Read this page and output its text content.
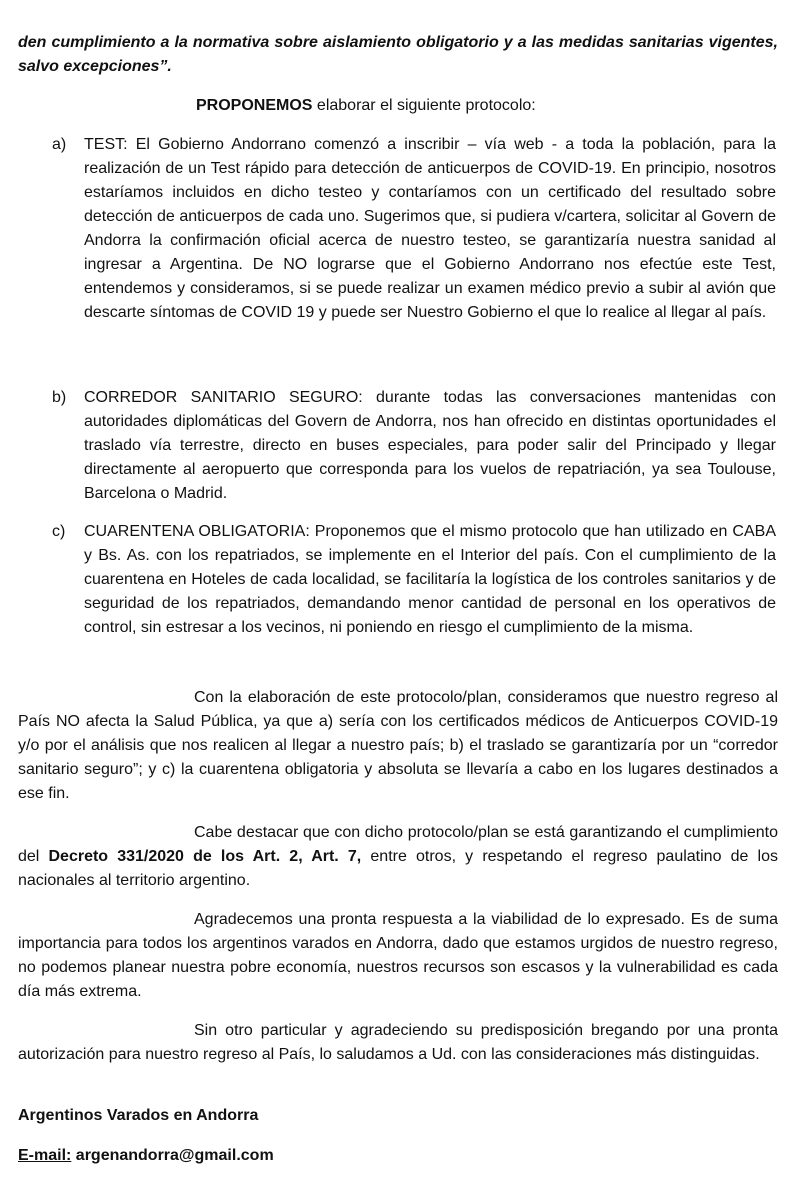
den cumplimiento a la normativa sobre aislamiento obligatorio y a las medidas sanitarias vigentes, salvo excepciones”.

PROPONEMOS elaborar el siguiente protocolo:

a) TEST: El Gobierno Andorrano comenzó a inscribir – vía web - a toda la población, para la realización de un Test rápido para detección de anticuerpos de COVID-19. En principio, nosotros estaríamos incluidos en dicho testeo y contaríamos con un certificado del resultado sobre detección de anticuerpos de cada uno. Sugerimos que, si pudiera v/cartera, solicitar al Govern de Andorra la confirmación oficial acerca de nuestro testeo, se garantizaría nuestra sanidad al ingresar a Argentina. De NO lograrse que el Gobierno Andorrano nos efectúe este Test, entendemos y consideramos, si se puede realizar un examen médico previo a subir al avión que descarte síntomas de COVID 19 y puede ser Nuestro Gobierno el que lo realice al llegar al país.

b) CORREDOR SANITARIO SEGURO: durante todas las conversaciones mantenidas con autoridades diplomáticas del Govern de Andorra, nos han ofrecido en distintas oportunidades el traslado vía terrestre, directo en buses especiales, para poder salir del Principado y llegar directamente al aeropuerto que corresponda para los vuelos de repatriación, ya sea Toulouse, Barcelona o Madrid.

c) CUARENTENA OBLIGATORIA: Proponemos que el mismo protocolo que han utilizado en CABA y Bs. As. con los repatriados, se implemente en el Interior del país. Con el cumplimiento de la cuarentena en Hoteles de cada localidad, se facilitaría la logística de los controles sanitarios y de seguridad de los repatriados, demandando menor cantidad de personal en los operativos de control, sin estresar a los vecinos, ni poniendo en riesgo el cumplimiento de la misma.

Con la elaboración de este protocolo/plan, consideramos que nuestro regreso al País NO afecta la Salud Pública, ya que a) sería con los certificados médicos de Anticuerpos COVID-19 y/o por el análisis que nos realicen al llegar a nuestro país; b) el traslado se garantizaría por un “corredor sanitario seguro”; y c) la cuarentena obligatoria y absoluta se llevaría a cabo en los lugares destinados a ese fin.

Cabe destacar que con dicho protocolo/plan se está garantizando el cumplimiento del Decreto 331/2020 de los Art. 2, Art. 7, entre otros, y respetando el regreso paulatino de los nacionales al territorio argentino.

Agradecemos una pronta respuesta a la viabilidad de lo expresado. Es de suma importancia para todos los argentinos varados en Andorra, dado que estamos urgidos de nuestro regreso, no podemos planear nuestra pobre economía, nuestros recursos son escasos y la vulnerabilidad es cada día más extrema.

Sin otro particular y agradeciendo su predisposición bregando por una pronta autorización para nuestro regreso al País, lo saludamos a Ud. con las consideraciones más distinguidas.

Argentinos Varados en Andorra

E-mail: argenandorra@gmail.com
